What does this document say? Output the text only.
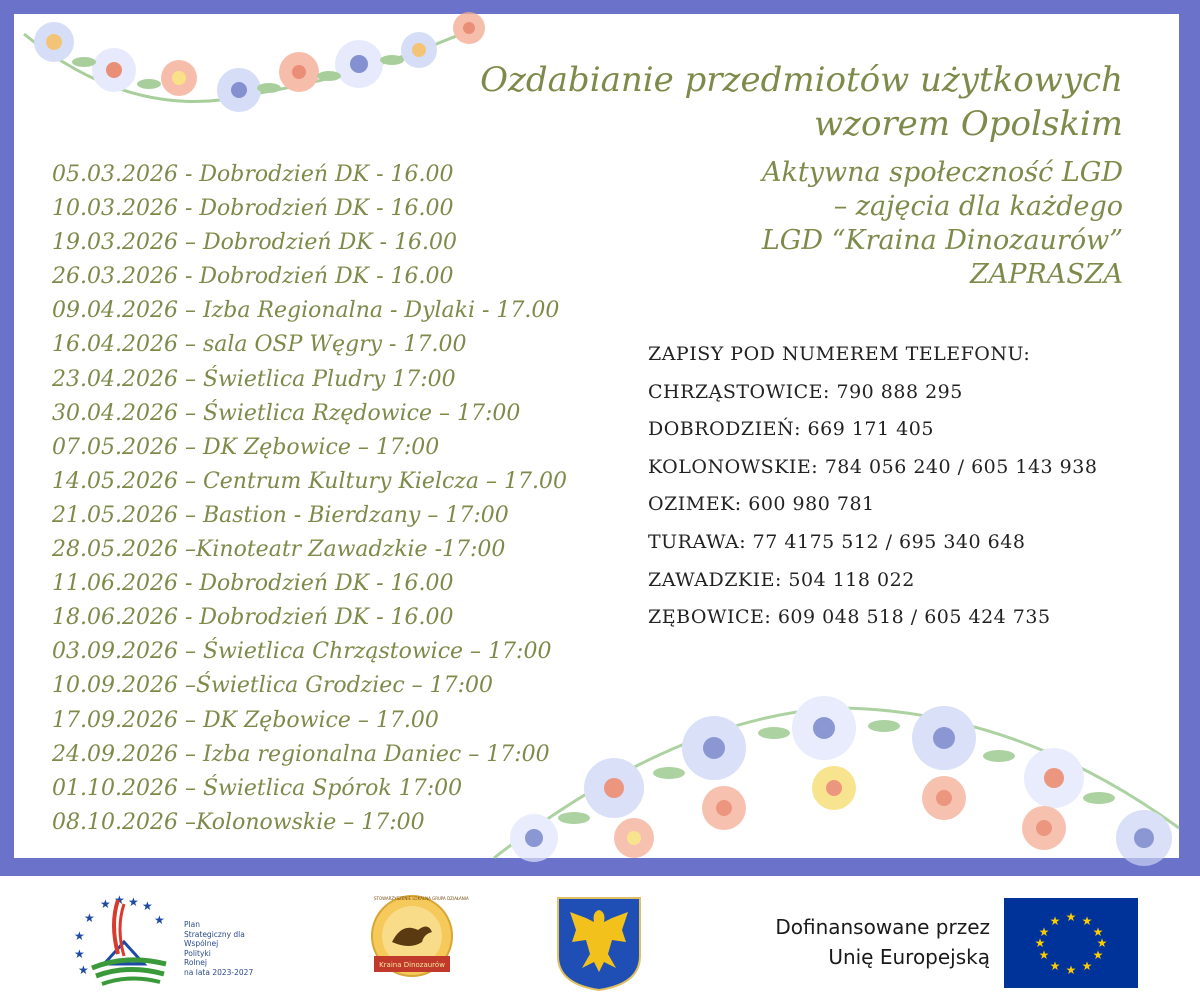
Ozdabianie przedmiotów użytkowych
wzorem Opolskim
Aktywna społeczność LGD
– zajęcia dla każdego
LGD “Kraina Dinozaurów”
ZAPRASZA
05.03.2026 - Dobrodzień DK - 16.00
10.03.2026 - Dobrodzień DK - 16.00
19.03.2026 – Dobrodzień DK - 16.00
26.03.2026 - Dobrodzień DK - 16.00
09.04.2026 – Izba Regionalna - Dylaki - 17.00
16.04.2026 – sala OSP Węgry - 17.00
23.04.2026 – Świetlica Pludry 17:00
30.04.2026 – Świetlica Rzędowice – 17:00
07.05.2026 – DK Zębowice – 17:00
14.05.2026 – Centrum Kultury Kielcza – 17.00
21.05.2026 – Bastion - Bierdzany – 17:00
28.05.2026 –Kinoteatr Zawadzkie -17:00
11.06.2026 - Dobrodzień DK - 16.00
18.06.2026 - Dobrodzień DK - 16.00
03.09.2026 – Świetlica Chrząstowice – 17:00
10.09.2026 –Świetlica Grodziec – 17:00
17.09.2026 – DK Zębowice – 17.00
24.09.2026 – Izba regionalna Daniec – 17:00
01.10.2026 – Świetlica Spórok 17:00
08.10.2026 –Kolonowskie – 17:00
ZAPISY POD NUMEREM TELEFONU:
CHRZĄSTOWICE: 790 888 295
DOBRODZIEŃ: 669 171 405
KOLONOWSKIE: 784 056 240 / 605 143 938
OZIMEK: 600 980 781
TURAWA: 77 4175 512 / 695 340 648
ZAWADZKIE: 504 118 022
ZĘBOWICE: 609 048 518 / 605 424 735
★ ★ ★ ★
★	★
★
★
★
Plan
Strategiczny dla
Wspólnej
Polityki
Rolnej
na lata 2023-2027
Kraina Dinozaurów
STOWARZYSZENIE LOKALNA GRUPA DZIAŁANIA
Dofinansowane przez
Unię Europejską
★ ★
★
★
★
★
★
★
★
★
★
★
